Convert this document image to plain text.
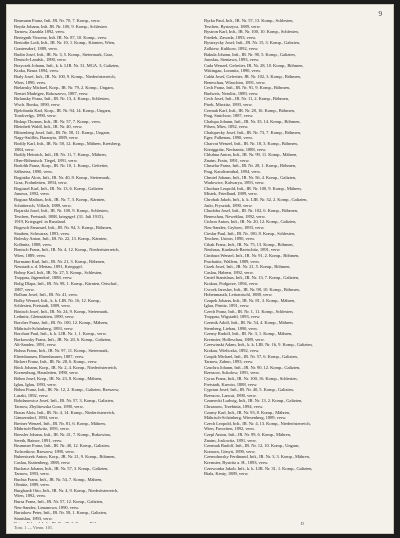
9
Beumann Franz, Inft. JR. Nr. 70, 7. Komp., verw.
Beyda Johann, Inft. JR. Nr. 100, 9. Komp., Schlesien
Tarnow, Zuzahla 1892, verw.
Bertegnik Vincenz, Inft. IR. Nr. 87, 10. Komp., verw.
Bertodin Lodi, Inft., IR. Nr. 10, 1. Komp., Kärnten, Wien,
Guntersdorf, 1889, verw.
Budin Josef, Inft., IR. Nr. 3, 5. Komp., Steiermark, Graz,
Deutsch-Landsb., 1890, verw.
Brzyczek Johann, Inft., k. k. LIR. Nr. 31, MGA. 3, Galizien,
Kraka, Bzura 1894, verw.
Bialy Josef, Inft., IR. Nr. 100, 9. Komp., Niederösterreich,
Wien, 1890, verw.
Bielansky Michael, Korp., IR. Nr. 79, 2. Komp., Ungarn,
Nemet Madrigez, Rokoszovo, 1887, verw.
Birlansky Franz, Inft., IR. Nr. 13, 4. Komp., Schlesien,
Wsch. Bonka, 1890, verw.
Bjelobrada Karl, Korp., IR. Nr. 94, 14. Komp., Ungarn,
Torokvelgy, 1890, verw.
Biskup Thomas, Inft., IR. Nr. 57, 7. Komp., verw.
Bleinheft Waldl, Inft., IR. Nr. 40, verw.
Bliisenberg Josef, Inft., IR. Nr. 58, 11. Komp., Ungarn,
Nagy-Szöllös, Baranyia, 1889, verw.
Bodily Karl, Inft., IR. Nr. 58, 12. Komp., Mähren, Kreisberg,
1884, verw.
Bodily Heinrich, Inft., IR. Nr. 11, 7. Komp., Mähren,
Ober-Böhmisch. Tiegel, 1891, verw.
Bodolth Franz, Korp., IR. Nr. 10, 1. Komp., Gefreiter,
Sälbsetsz, 1890, verw.
Bogiatko Alois, Inft., IR. Nr. 40, 8. Komp., Steiermark,
Graz, Frohnleiten, 1894, verw.
Bogiazel Karl, Inft., IR. Nr. 13, 6. Komp., Galizien
Janowa, 1892, verw.
Boguza Mathias, Inft., IR. Nr. 7, 3. Komp., Kärnten,
Schüttersch, Villach, 1889, verw.
Bojarski Josef, Inft., IR. Nr. 100, 9. Komp., Schlesien,
Teschen, Freistadt, 1888, kriegsgef. (31. Juli 1915),
1919, Kriegsgef. in Russland.
Bogesch Emanuel, Inft., JR. Nr. 94, 3. Komp., Böhmen,
Stauben, Schwarza, 1893, verw.
Bolesky Anton, Inft., IR. Nr. 22, 13. Komp., Kärnten,
Kolbnitz, 1888, verw.
Bonisch Franz, Inft., IR. Nr. 4, 12. Komp., Niederösterreich,
Wien, 1889, verw.
Bormann Karl, Inft., IR. Nr. 21, 3. Komp., Böhmen,
Neustadt a. d. Mettau, 1891, Kriegsgef.
Bohny Karl, Inft., IR. Nr. 27, 5. Komp., Schlesien,
Troppau, Jägerndorf, 1888, verw.
Bolig Dlapa, Inft., IR. Nr. 98, 1. Komp., Kärnten, Ortschaf.,
1887, verw.
Bollum Josef, Inft., IR. Nr. 41, verw.
Bolky Wenzel, Inft., k. k. LIR. Nr. 16, 12. Komp.,
Schlesien, Freistadt, 1889, verw.
Bönisch Josef, Inft., IR. Nr. 24, 9. Komp., Steiermark,
Leibnitz, Gleinstätten, 1890, verw.
Borcher Franz, Inft., IR. Nr. 100, 12. Komp., Mähren,
Mährisch-Schönberg, 1893, verw.
Borchart Paul, Inft., k. k. LIR. Nr. 1, 1. Komp., verw.
Borkowsky Franz, Inft., JR. Nr. 20, 6. Komp., Galizien,
Alt-Sandez, 1891, verw.
Bohna Franz, Inft., IR. Nr. 97, 11. Komp., Steiermark,
Ehrenhausen, Ehrenhausen, 1887, verw.
Bickert Franz, Inft., IR. Nr. 28, 6. Komp., verw.
Böck Johann, Korp., IR. Nr. 2, 4. Komp., Niederösterreich,
Korneuburg, Hausleiten, 1890, verw.
Böhm Josef, Korp., IR. Nr. 23, 8. Komp., Mähren,
Iglau, Iglau, 1893, verw.
Böhm Franz, Inft., IR. Nr. 12, 2. Komp., Galizien, Rzeszow,
Laszki, 1892, verw.
Bohdanowicz Josef, Inft., IR. Nr. 57, 3. Komp., Galizien,
Tarnow, Zbylitowska Gora, 1890, verw.
Braun Alois, Inft., IR. Nr. 4, 14. Komp., Niederösterreich,
Gänserndorf, 1894, verw.
Breiner Wenzel, Inft., IR. Nr. 81, 6. Komp., Mähren,
Mährisch-Budwitz, 1891, verw.
Bressler Johann, Inft., IR. Nr. 41, 7. Komp., Bukowina,
Sereth, Baince, 1891, verw.
Brummer Franz, Inft., IR. Nr. 40, 12. Komp., Galizien,
Tschortkow, Rzeszow, 1890, verw.
Bubeniczek Anton, Korp., JR. Nr. 21, 9. Komp., Böhmen,
Caslau, Kuttenberg, 1888, verw.
Buchacz Johann, Inft., IR. Nr. 57, 3. Komp., Galizien,
Tarnow, 1893, verw.
Buchta Franz, Inft., JR. Nr. 54, 7. Komp., Mähren,
Olmütz, 1889, verw.
Burghardt Otto, Inft., IR. Nr. 4, 9. Komp., Niederösterreich,
Wien, 1892, verw.
Bursa Franz, Inft., IR. Nr. 57, 12. Komp., Galizien,
Neu-Sandez, Limanowa, 1890, verw.
Buriakow Peter, Inft., IR. Nr. 58, 1. Komp., Galizien,
Stanislau, 1893, verw.
Byrka Paul, Inft., IR. Nr. 57, 13. Komp., Schlesien,
Teschen, Bystrzyca, 1889, verw.
Bystron Karl, Inft., IR. Nr. 100, 10. Komp., Schlesien,
Friedek, Zawada, 1893, verw.
Bystrzycky Josef, Inft., JR. Nr. 15, 3. Komp., Galizien,
Zolkiew, Kulikow, 1892, verw.
Bakula Johann, Inft., IR. Nr. 90, 5. Komp., Galizien,
Jaroslau, Sieniawa, 1893, verw.
Cada Wenzel, Gefreiter, IR. Nr. 28, 10. Komp., Böhmen,
Wittingau, Lomnitz, 1890, verw.
Calda Josef, Gefreiter, JR. Nr. 102, 3. Komp., Böhmen,
Beneschau, Wlaschim, 1891, verw.
Cech Franz, Inft., IR. Nr. 91, 9. Komp., Böhmen,
Budweis, Netolitz, 1889, verw.
Cech Josef, Inft., JR. Nr. 11, 2. Komp., Böhmen,
Pisek, Mirotitz, 1893, verw.
Cermak Karl, Inft., IR. Nr. 28, 16. Komp., Böhmen,
Prag, Smichow, 1887, verw.
Chalupa Johann, Inft., JR. Nr. 35, 14. Komp., Böhmen,
Pilsen, Mies, 1892, verw.
Chalupecky Josef, Inft., IR. Nr. 73, 7. Komp., Böhmen,
Eger, Falkenau, 1890, verw.
Charvat Wenzel, Inft., IR. Nr. 18, 3. Komp., Böhmen,
Königgrätz, Nechanitz, 1888, verw.
Chlubna Anton, Inft., IR. Nr. 99, 11. Komp., Mähren,
Znaim, Frain, 1891, verw.
Chmelar Franz, Inft., IR. Nr. 28, 1. Komp., Böhmen,
Prag, Karolinenthal, 1894, verw.
Chmiel Johann, Inft., IR. Nr. 56, 4. Komp., Galizien,
Wadowice, Kalwarya, 1893, verw.
Chodura Leopold, Inft., IR. Nr. 100, 9. Komp., Mähren,
Mistek, Friedland, 1889, verw.
Chrobak Jakob, Inft., k. k. LIR. Nr. 32, 2. Komp., Galizien,
Jaslo, Frysztak, 1890, verw.
Chudoba Josef, Inft., IR. Nr. 102, 6. Komp., Böhmen,
Beneschau, Neweklau, 1892, verw.
Cichon Anton, Inft., IR. Nr. 20, 12. Komp., Galizien,
Neu-Sandez, Grybow, 1893, verw.
Cieslar Paul, Inft., IR. Nr. 100, 8. Komp., Schlesien,
Teschen, Ustron, 1890, verw.
Cihak Franz, Inft., IR. Nr. 75, 13. Komp., Böhmen,
Neuhaus, Kardasch-Rzetschitz, 1891, verw.
Cimbura Wenzel, Inft., IR. Nr. 91, 2. Komp., Böhmen,
Prachatitz, Wallern, 1889, verw.
Cizek Josef, Inft., JR. Nr. 21, 5. Komp., Böhmen,
Caslau, Habern, 1892, verw.
Cmiel Stanislaus, Inft., IR. Nr. 13, 7. Komp., Galizien,
Krakau, Podgorze, 1894, verw.
Cvrcek Jaroslav, Inft., IR. Nr. 98, 10. Komp., Böhmen,
Hohenmauth, Leitomischl, 1888, verw.
Czapek Johann, Inft., IR. Nr. 81, 3. Komp., Mähren,
Iglau, Pirnitz, 1891, verw.
Czech Franz, Inft., IR. Nr. 1, 11. Komp., Schlesien,
Troppau, Wigstadtl, 1893, verw.
Czernik Adolf, Inft., IR. Nr. 54, 4. Komp., Mähren,
Sternberg, Liebau, 1890, verw.
Czerny Rudolf, Inft., IR. Nr. 3, 1. Komp., Mähren,
Kremsier, Holleschau, 1889, verw.
Czerwinski Adam, Inft., k. k. LIR. Nr. 16, 9. Komp., Galizien,
Krakau, Wieliczka, 1892, verw.
Czopik Michael, Inft., IR. Nr. 57, 6. Komp., Galizien,
Tarnow, Zabno, 1893, verw.
Czuchra Johann, Inft., JR. Nr. 90, 12. Komp., Galizien,
Rzeszow, Sokolow, 1891, verw.
Cyrus Franz, Inft., IR. Nr. 100, 16. Komp., Schlesien,
Freistadt, Karwin, 1888, verw.
Cyprian Josef, Inft., IR. Nr. 40, 5. Komp., Galizien,
Rzeszow, Lancut, 1890, verw.
Czarnecki Ludwig, Inft., IR. Nr. 13, 2. Komp., Galizien,
Chrzanow, Trzebinia, 1894, verw.
Czarny Karl, Inft., IR. Nr. 93, 8. Komp., Mähren,
Mährisch-Schönberg, Wiesenberg, 1889, verw.
Czech Leopold, Inft., IR. Nr. 4, 13. Komp., Niederösterreich,
Wien, Favoriten, 1892, verw.
Czepl Anton, Inft., JR. Nr. 99, 6. Komp., Mähren,
Znaim, Joslowitz, 1891, verw.
Czermak Rudolf, Inft., IR. Nr. 12, 10. Komp., Ungarn,
Komorn, Gönyü, 1890, verw.
Czernohorsky Ferdinand, Inft., IR. Nr. 3, 3. Komp., Mähren,
Kremsier, Bystritz a. H., 1893, verw.
Czerwonka Jakob, Inft., k. k. LIR. Nr. 31, 1. Komp., Galizien,
Biala, Kenty, 1889, verw.
Tom. 1 — Vienn. 101.
D
